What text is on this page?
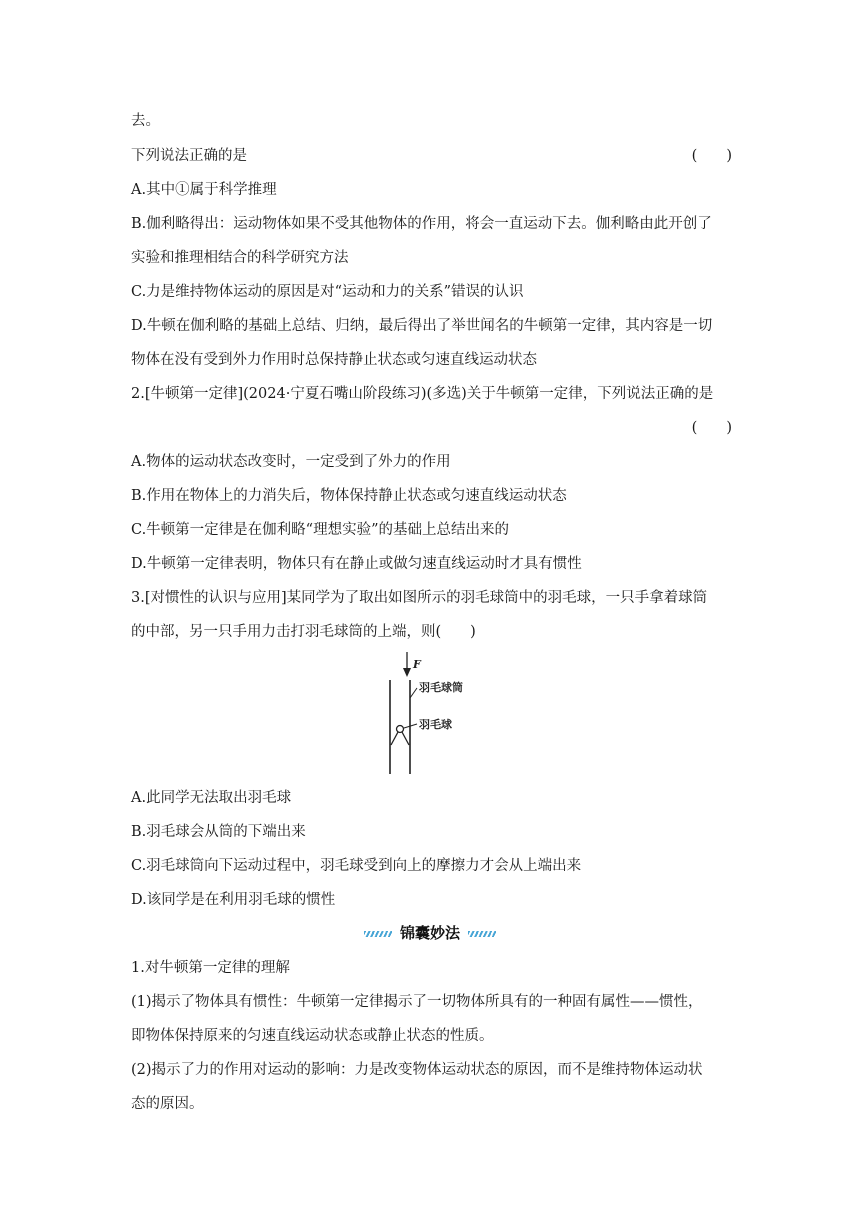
去。
下列说法正确的是	(　　)
A.其中①属于科学推理
B.伽利略得出：运动物体如果不受其他物体的作用，将会一直运动下去。伽利略由此开创了
实验和推理相结合的科学研究方法
C.力是维持物体运动的原因是对“运动和力的关系”错误的认识
D.牛顿在伽利略的基础上总结、归纳，最后得出了举世闻名的牛顿第一定律，其内容是一切
物体在没有受到外力作用时总保持静止状态或匀速直线运动状态
2.[牛顿第一定律](2024·宁夏石嘴山阶段练习)(多选)关于牛顿第一定律，下列说法正确的是
(　　)
A.物体的运动状态改变时，一定受到了外力的作用
B.作用在物体上的力消失后，物体保持静止状态或匀速直线运动状态
C.牛顿第一定律是在伽利略“理想实验”的基础上总结出来的
D.牛顿第一定律表明，物体只有在静止或做匀速直线运动时才具有惯性
3.[对惯性的认识与应用]某同学为了取出如图所示的羽毛球筒中的羽毛球，一只手拿着球筒
的中部，另一只手用力击打羽毛球筒的上端，则(　　)
F
羽毛球筒
羽毛球
A.此同学无法取出羽毛球
B.羽毛球会从筒的下端出来
C.羽毛球筒向下运动过程中，羽毛球受到向上的摩擦力才会从上端出来
D.该同学是在利用羽毛球的惯性
锦囊妙法
1.对牛顿第一定律的理解
(1)揭示了物体具有惯性：牛顿第一定律揭示了一切物体所具有的一种固有属性——惯性，
即物体保持原来的匀速直线运动状态或静止状态的性质。
(2)揭示了力的作用对运动的影响：力是改变物体运动状态的原因，而不是维持物体运动状
态的原因。
